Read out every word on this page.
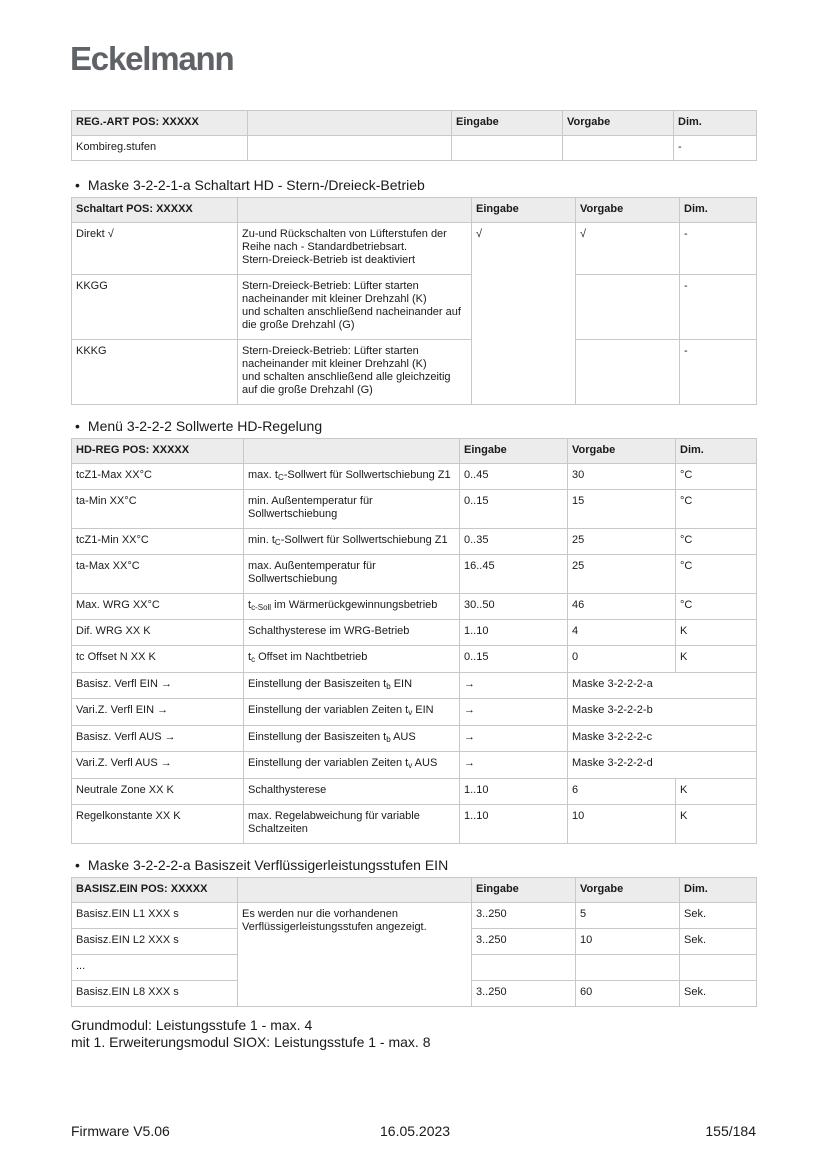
Eckelmann
REG.-ART POS: XXXXX		Eingabe	Vorgabe	Dim.
Kombireg.stufen				-
• Maske 3-2-2-1-a Schaltart HD - Stern-/Dreieck-Betrieb
Schaltart POS: XXXXX		Eingabe	Vorgabe	Dim.
Direkt √	Zu-und Rückschalten von Lüfterstufen der
Reihe nach - Standardbetriebsart.
Stern-Dreieck-Betrieb ist deaktiviert	√	√	-
KKGG	Stern-Dreieck-Betrieb: Lüfter starten
nacheinander mit kleiner Drehzahl (K)
und schalten anschließend nacheinander auf
die große Drehzahl (G)			-
KKKG	Stern-Dreieck-Betrieb: Lüfter starten
nacheinander mit kleiner Drehzahl (K)
und schalten anschließend alle gleichzeitig
auf die große Drehzahl (G)			-
• Menü 3-2-2-2 Sollwerte HD-Regelung
HD-REG POS: XXXXX		Eingabe	Vorgabe	Dim.
tcZ1-Max XX°C	max. $t_C$-Sollwert für Sollwertschiebung Z1	0..45	30	°C
ta-Min XX°C	min. Außentemperatur für Sollwertschiebung	0..15	15	°C
tcZ1-Min XX°C	min. $t_C$-Sollwert für Sollwertschiebung Z1	0..35	25	°C
ta-Max XX°C	max. Außentemperatur für Sollwertschiebung	16..45	25	°C
Max. WRG XX°C	$t_{c-Soll}$ im Wärmerückgewinnungsbetrieb	30..50	46	°C
Dif. WRG XX K	Schalthysterese im WRG-Betrieb	1..10	4	K
tc Offset N XX K	$t_c$ Offset im Nachtbetrieb	0..15	0	K
Basisz. Verfl EIN →	Einstellung der Basiszeiten $t_b$ EIN	→	Maske 3-2-2-2-a	
Vari.Z. Verfl EIN →	Einstellung der variablen Zeiten $t_v$ EIN	→	Maske 3-2-2-2-b	
Basisz. Verfl AUS →	Einstellung der Basiszeiten $t_b$ AUS	→	Maske 3-2-2-2-c	
Vari.Z. Verfl AUS →	Einstellung der variablen Zeiten $t_v$ AUS	→	Maske 3-2-2-2-d	
Neutrale Zone XX K	Schalthysterese	1..10	6	K
Regelkonstante XX K	max. Regelabweichung für variable Schaltzeiten	1..10	10	K
• Maske 3-2-2-2-a Basiszeit Verflüssigerleistungsstufen EIN
BASISZ.EIN POS: XXXXX		Eingabe	Vorgabe	Dim.
Basisz.EIN L1 XXX s	Es werden nur die vorhandenen Verflüssigerleistungsstufen angezeigt.	3..250	5	Sek.
Basisz.EIN L2 XXX s		3..250	10	Sek.
...				
Basisz.EIN L8 XXX s		3..250	60	Sek.
Grundmodul: Leistungsstufe 1 - max. 4
mit 1. Erweiterungsmodul SIOX: Leistungsstufe 1 - max. 8
Firmware V5.06	16.05.2023	155/184
